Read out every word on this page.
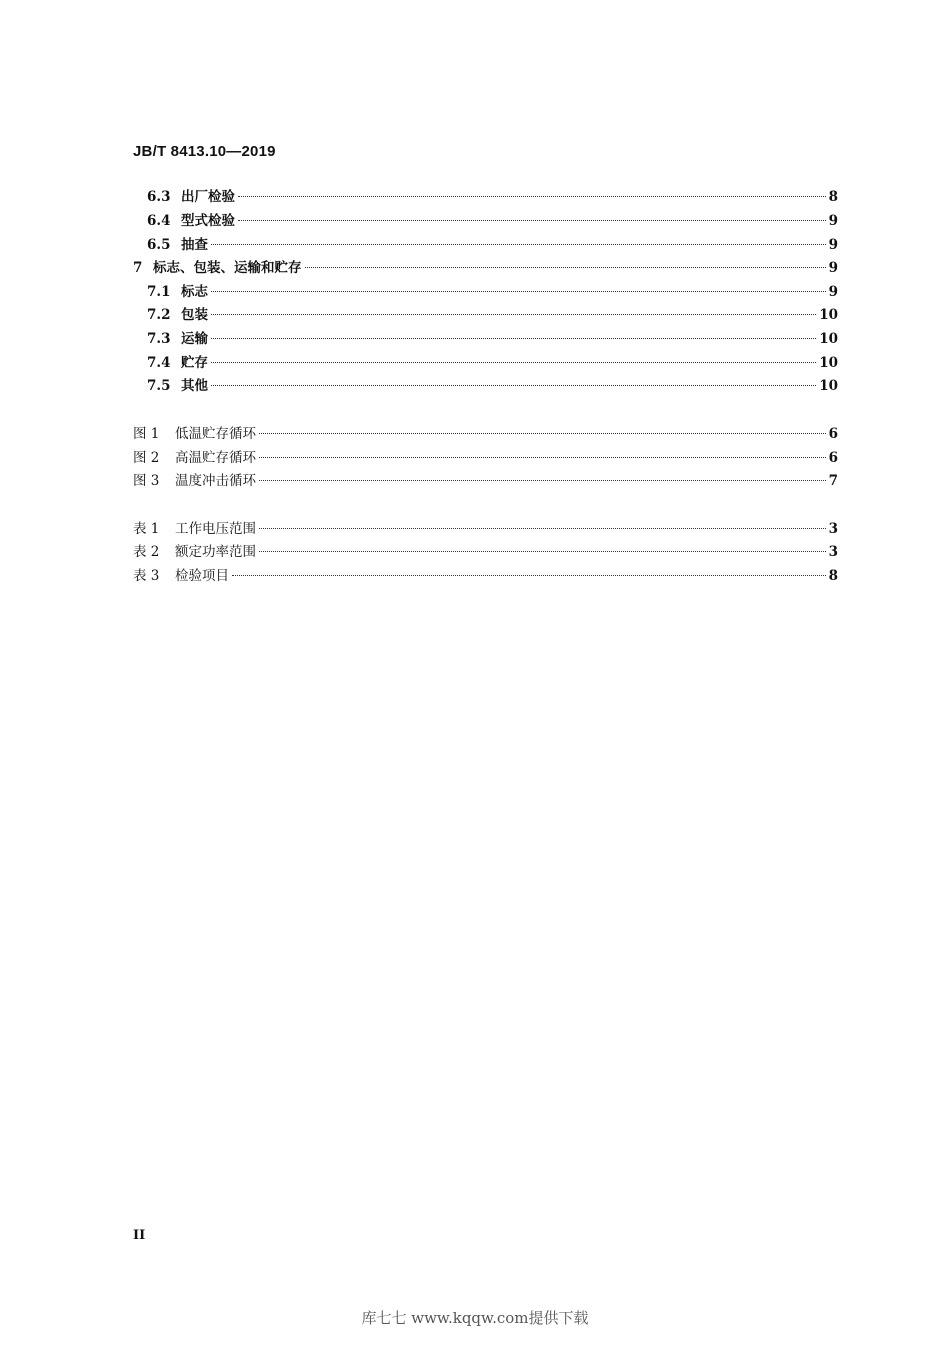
JB/T 8413.10—2019
6.3 出厂检验	8
6.4 型式检验	9
6.5 抽查	9
7 标志、包装、运输和贮存	9
7.1 标志	9
7.2 包装	10
7.3 运输	10
7.4 贮存	10
7.5 其他	10
图 1	低温贮存循环	6
图 2	高温贮存循环	6
图 3	温度冲击循环	7
表 1	工作电压范围	3
表 2	额定功率范围	3
表 3	检验项目	8
II
库七七 www.kqqw.com提供下载
